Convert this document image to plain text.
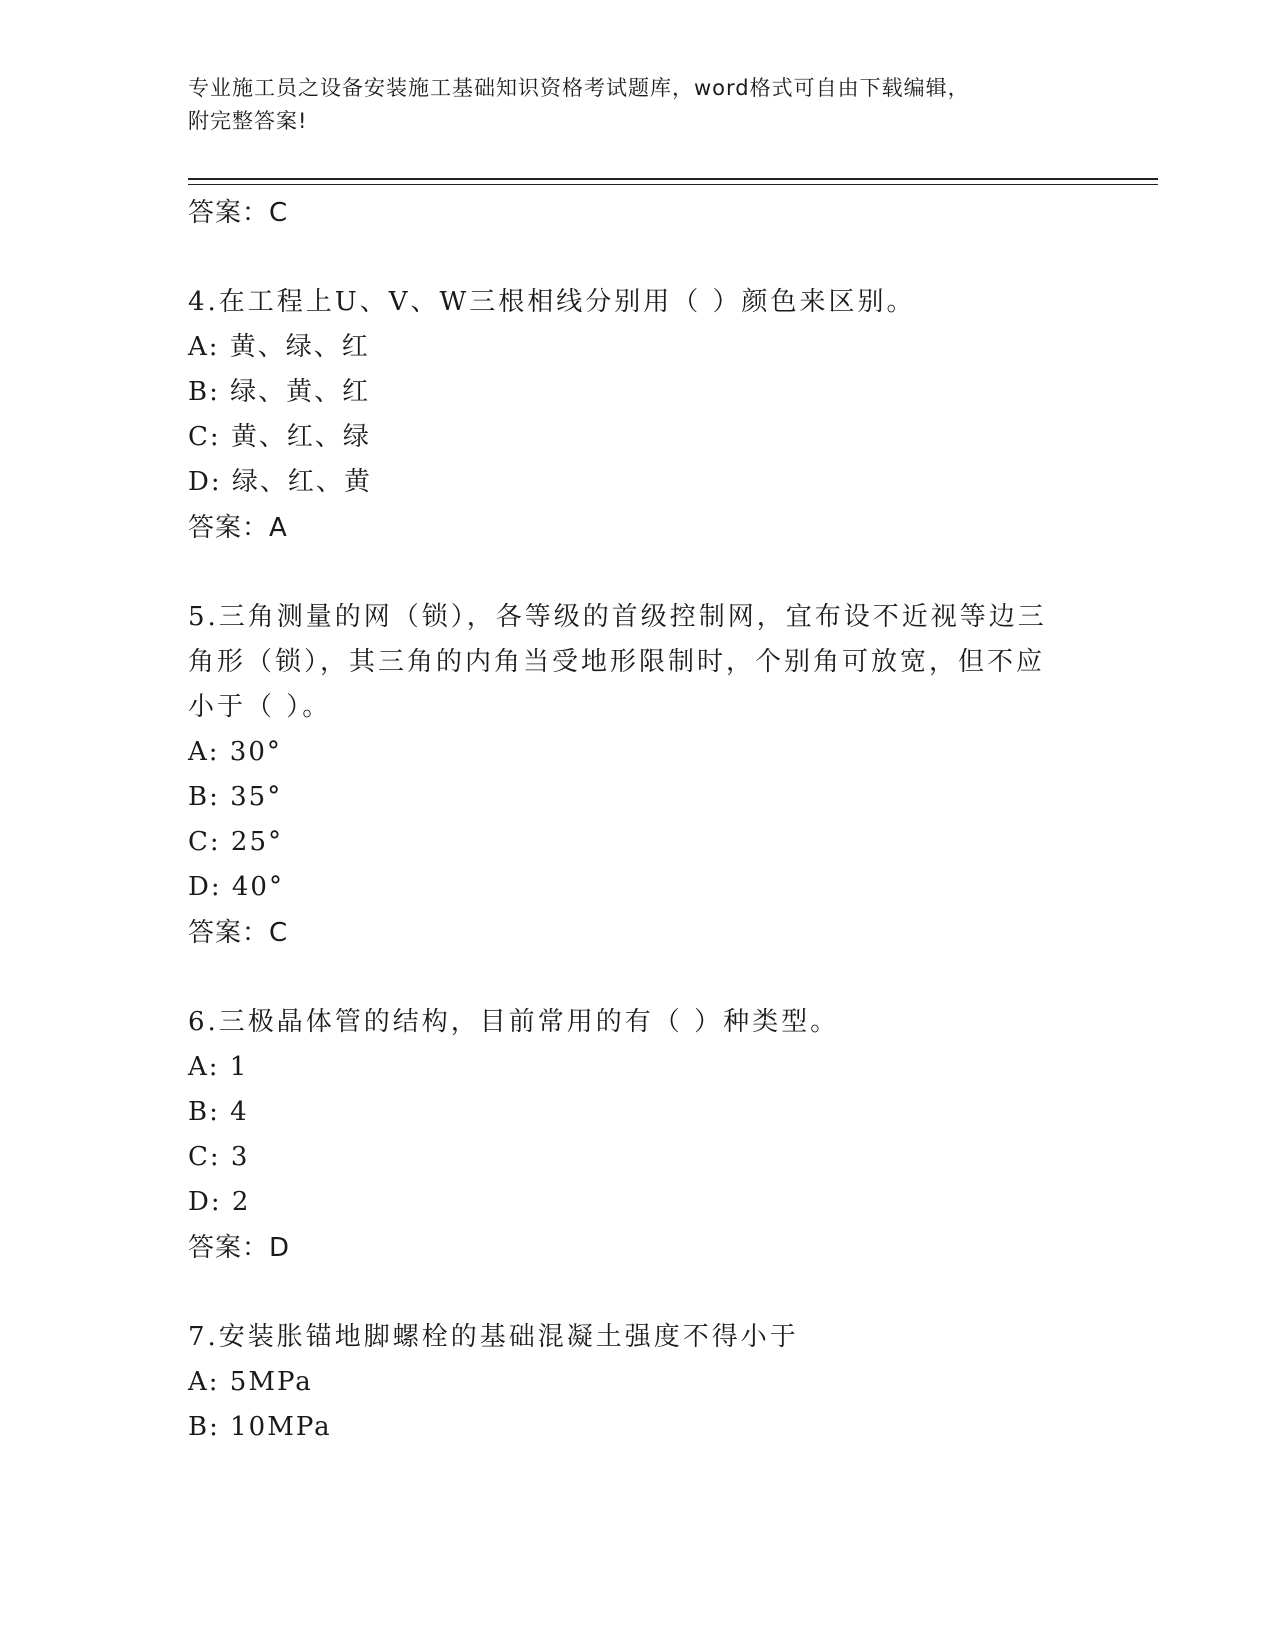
专业施工员之设备安装施工基础知识资格考试题库，word格式可自由下载编辑，
附完整答案!
答案：C
4.在工程上U、V、W三根相线分别用（ ）颜色来区别。
A: 黄、绿、红
B: 绿、黄、红
C: 黄、红、绿
D: 绿、红、黄
答案：A
5.三角测量的网（锁），各等级的首级控制网，宜布设不近视等边三
角形（锁），其三角的内角当受地形限制时，个别角可放宽，但不应
小于（ ）。
A: 30°
B: 35°
C: 25°
D: 40°
答案：C
6.三极晶体管的结构，目前常用的有（ ）种类型。
A: 1
B: 4
C: 3
D: 2
答案：D
7.安装胀锚地脚螺栓的基础混凝土强度不得小于
A: 5MPa
B: 10MPa
